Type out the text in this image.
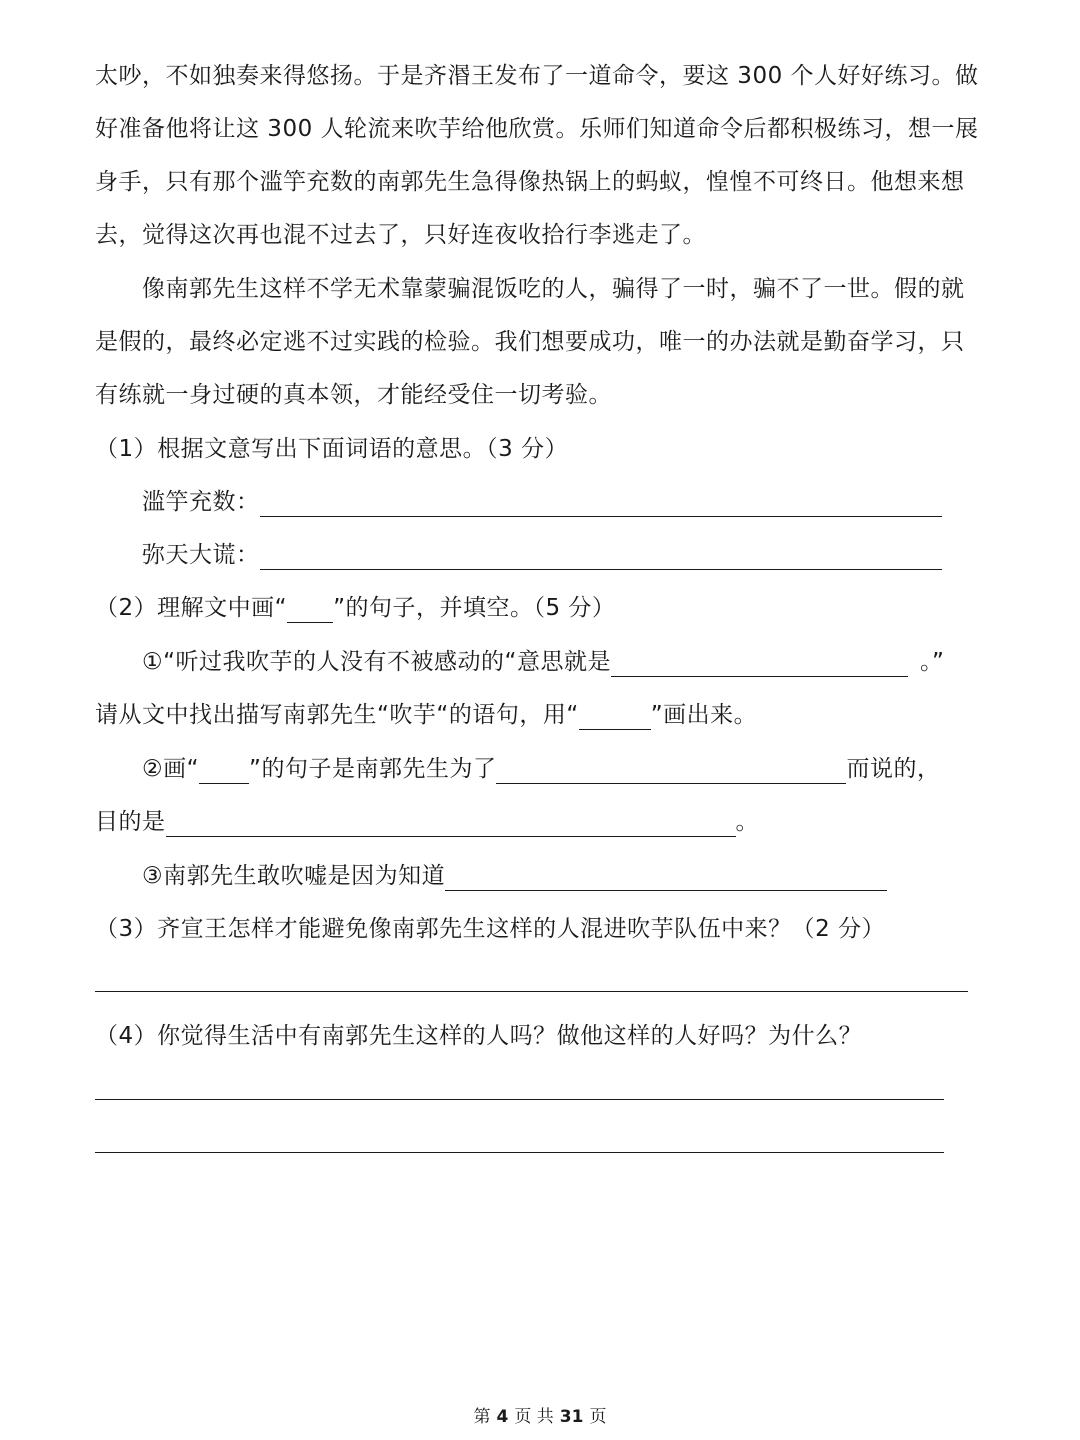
太吵，不如独奏来得悠扬。于是齐湣王发布了一道命令，要这 300 个人好好练习。做
好准备他将让这 300 人轮流来吹芋给他欣赏。乐师们知道命令后都积极练习，想一展
身手，只有那个滥竽充数的南郭先生急得像热锅上的蚂蚁，惶惶不可终日。他想来想
去，觉得这次再也混不过去了，只好连夜收拾行李逃走了。
像南郭先生这样不学无术靠蒙骗混饭吃的人，骗得了一时，骗不了一世。假的就
是假的，最终必定逃不过实践的检验。我们想要成功，唯一的办法就是勤奋学习，只
有练就一身过硬的真本领，才能经受住一切考验。
（1）根据文意写出下面词语的意思。（3 分）
滥竽充数：
弥天大谎：
（2）理解文中画“ ”的句子，并填空。（5 分）
①“听过我吹芋的人没有不被感动的“意思就是	。”
请从文中找出描写南郭先生“吹芋“的语句，用“	”画出来。
②画“ ”的句子是南郭先生为了	而说的，
目的是	。
③南郭先生敢吹嘘是因为知道
（3）齐宣王怎样才能避免像南郭先生这样的人混进吹芋队伍中来？（2 分）
（4）你觉得生活中有南郭先生这样的人吗？做他这样的人好吗？为什么？
第 4 页 共 31 页
